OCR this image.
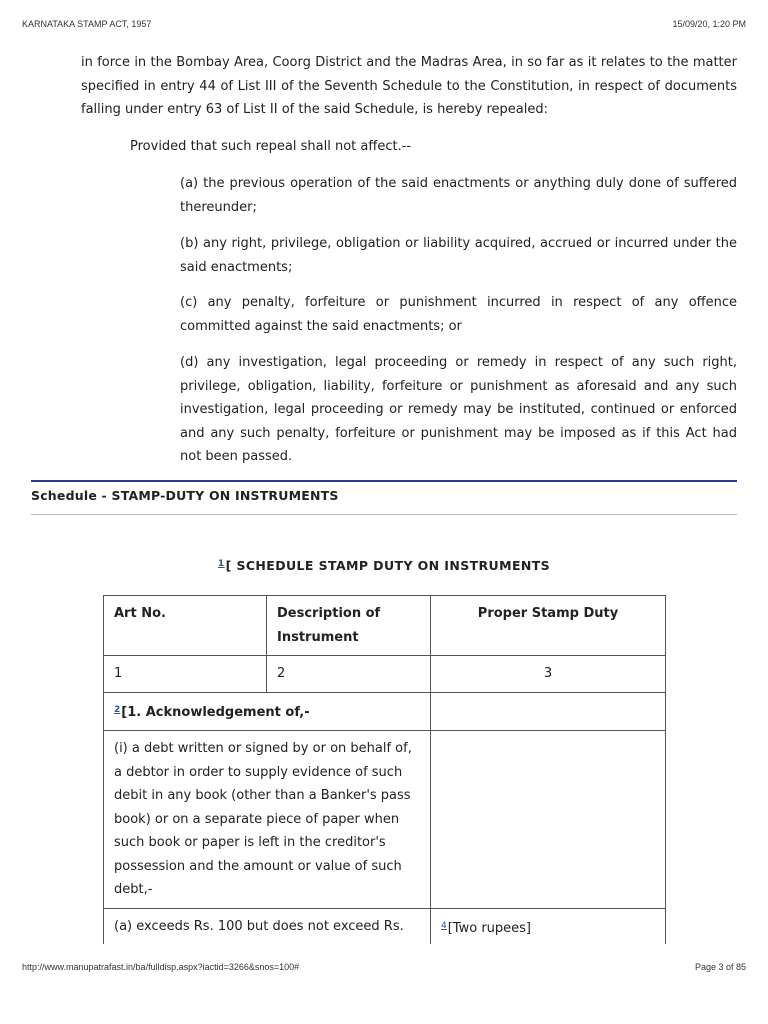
KARNATAKA STAMP ACT, 1957	15/09/20, 1:20 PM

in force in the Bombay Area, Coorg District and the Madras Area, in so far as it relates to the matter specified in entry 44 of List III of the Seventh Schedule to the Constitution, in respect of documents falling under entry 63 of List II of the said Schedule, is hereby repealed:

Provided that such repeal shall not affect.--

(a) the previous operation of the said enactments or anything duly done of suffered thereunder;

(b) any right, privilege, obligation or liability acquired, accrued or incurred under the said enactments;

(c) any penalty, forfeiture or punishment incurred in respect of any offence committed against the said enactments; or

(d) any investigation, legal proceeding or remedy in respect of any such right, privilege, obligation, liability, forfeiture or punishment as aforesaid and any such investigation, legal proceeding or remedy may be instituted, continued or enforced and any such penalty, forfeiture or punishment may be imposed as if this Act had not been passed.

Schedule - STAMP-DUTY ON INSTRUMENTS
$^1$[ SCHEDULE STAMP DUTY ON INSTRUMENTS
Art No.	Description of Instrument	Proper Stamp Duty
1	2	3
$^2$[1. Acknowledgement of,-		
(i) a debt written or signed by or on behalf of, a debtor in order to supply evidence of such debit in any book (other than a Banker's pass book) or on a separate piece of paper when such book or paper is left in the creditor's possession and the amount or value of such debt,-		
(a) exceeds Rs. 100 but does not exceed Rs.		$^4$[Two rupees]
http://www.manupatrafast.in/ba/fulldisp.aspx?iactid=3266&snos=100#	Page 3 of 85
